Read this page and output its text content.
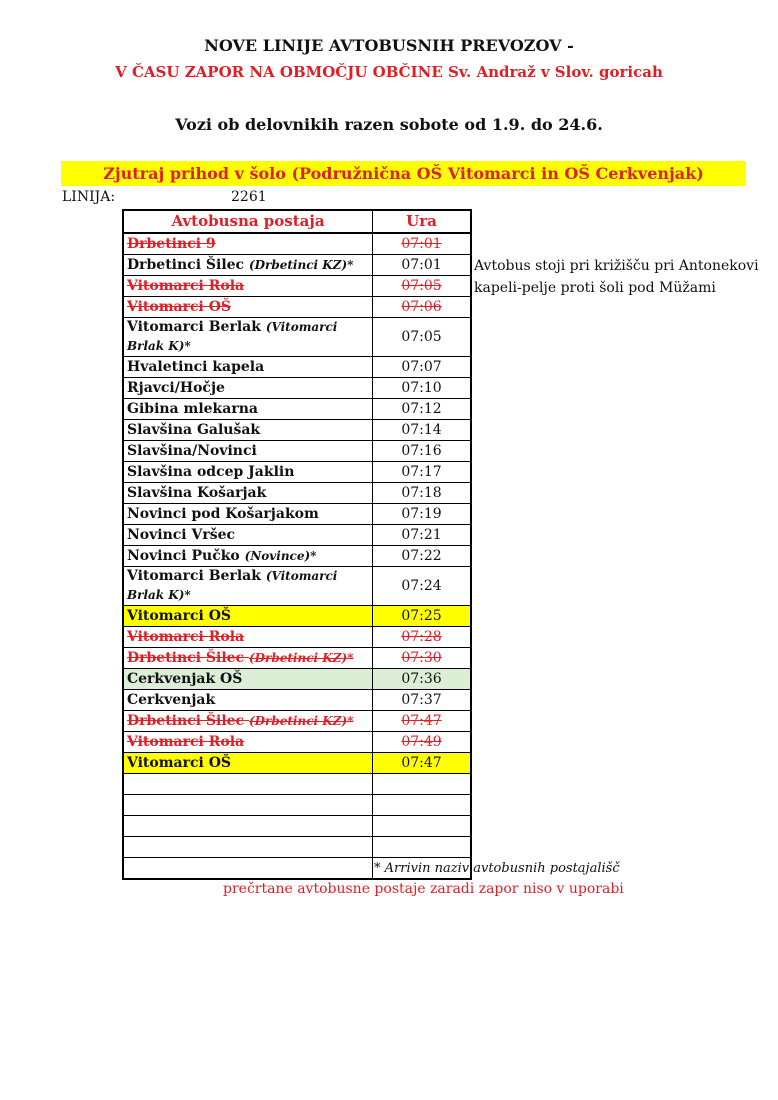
NOVE LINIJE AVTOBUSNIH PREVOZOV -
V ČASU ZAPOR NA OBMOČJU OBČINE Sv. Andraž v Slov. goricah
Vozi ob delovnikih razen sobote od 1.9. do 24.6.
Zjutraj prihod v šolo (Podružnična OŠ Vitomarci in OŠ Cerkvenjak)
LINIJA:	2261
Avtobusna postaja	Ura
Drbetinci 9	07:01
Drbetinci Šilec (Drbetinci KZ)*	07:01
Vitomarci Rola	07:05
Vitomarci OŠ	07:06
Vitomarci Berlak (Vitomarci Brlak K)*	07:05
Hvaletinci kapela	07:07
Rjavci/Hočje	07:10
Gibina mlekarna	07:12
Slavšina Galušak	07:14
Slavšina/Novinci	07:16
Slavšina odcep Jaklin	07:17
Slavšina Košarjak	07:18
Novinci pod Košarjakom	07:19
Novinci Vršec	07:21
Novinci Pučko (Novince)*	07:22
Vitomarci Berlak (Vitomarci Brlak K)*	07:24
Vitomarci OŠ	07:25
Vitomarci Rola	07:28
Drbetinci Šilec (Drbetinci KZ)*	07:30
Cerkvenjak OŠ	07:36
Cerkvenjak	07:37
Drbetinci Šilec (Drbetinci KZ)*	07:47
Vitomarci Rola	07:49
Vitomarci OŠ	07:47

Avtobus stoji pri križišču pri Antonekovi
kapeli-pelje proti šoli pod Müžami
* Arrivin naziv avtobusnih postajališč
prečrtane avtobusne postaje zaradi zapor niso v uporabi
